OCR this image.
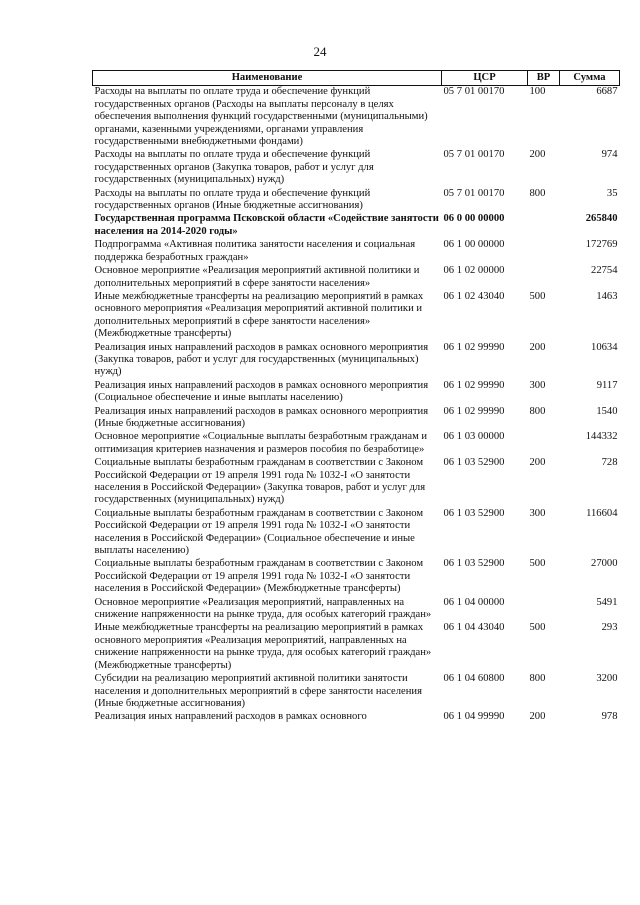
24
Наименование	ЦСР	ВР	Сумма
Расходы на выплаты по оплате труда и обеспечение функций государственных органов (Расходы на выплаты персоналу в целях обеспечения выполнения функций государственными (муниципальными) органами, казенными учреждениями, органами управления государственными внебюджетными фондами)	05 7 01 00170	100	6687
Расходы на выплаты по оплате труда и обеспечение функций государственных органов (Закупка товаров, работ и услуг для государственных (муниципальных) нужд)	05 7 01 00170	200	974
Расходы на выплаты по оплате труда и обеспечение функций государственных органов (Иные бюджетные ассигнования)	05 7 01 00170	800	35
Государственная программа Псковской области «Содействие занятости населения на 2014-2020 годы»	06 0 00 00000		265840
Подпрограмма «Активная политика занятости населения и социальная поддержка безработных граждан»	06 1 00 00000		172769
Основное мероприятие «Реализация мероприятий активной политики и дополнительных мероприятий в сфере занятости населения»	06 1 02 00000		22754
Иные межбюджетные трансферты на реализацию мероприятий в рамках основного мероприятия «Реализация мероприятий активной политики и дополнительных мероприятий в сфере занятости населения» (Межбюджетные трансферты)	06 1 02 43040	500	1463
Реализация иных направлений расходов в рамках основного мероприятия (Закупка товаров, работ и услуг для государственных (муниципальных) нужд)	06 1 02 99990	200	10634
Реализация иных направлений расходов в рамках основного мероприятия (Социальное обеспечение и иные выплаты населению)	06 1 02 99990	300	9117
Реализация иных направлений расходов в рамках основного мероприятия (Иные бюджетные ассигнования)	06 1 02 99990	800	1540
Основное мероприятие «Социальные выплаты безработным гражданам и оптимизация критериев назначения и размеров пособия по безработице»	06 1 03 00000		144332
Социальные выплаты безработным гражданам в соответствии с Законом Российской Федерации от 19 апреля 1991 года № 1032-I «О занятости населения в Российской Федерации» (Закупка товаров, работ и услуг для государственных (муниципальных) нужд)	06 1 03 52900	200	728
Социальные выплаты безработным гражданам в соответствии с Законом Российской Федерации от 19 апреля 1991 года № 1032-I «О занятости населения в Российской Федерации» (Социальное обеспечение и иные выплаты населению)	06 1 03 52900	300	116604
Социальные выплаты безработным гражданам в соответствии с Законом Российской Федерации от 19 апреля 1991 года № 1032-I «О занятости населения в Российской Федерации» (Межбюджетные трансферты)	06 1 03 52900	500	27000
Основное мероприятие «Реализация мероприятий, направленных на снижение напряженности на рынке труда, для особых категорий граждан»	06 1 04 00000		5491
Иные межбюджетные трансферты на реализацию мероприятий в рамках основного мероприятия «Реализация мероприятий, направленных на снижение напряженности на рынке труда, для особых категорий граждан» (Межбюджетные трансферты)	06 1 04 43040	500	293
Субсидии на реализацию мероприятий активной политики занятости населения и дополнительных мероприятий в сфере занятости населения (Иные бюджетные ассигнования)	06 1 04 60800	800	3200
Реализация иных направлений расходов в рамках основного	06 1 04 99990	200	978
